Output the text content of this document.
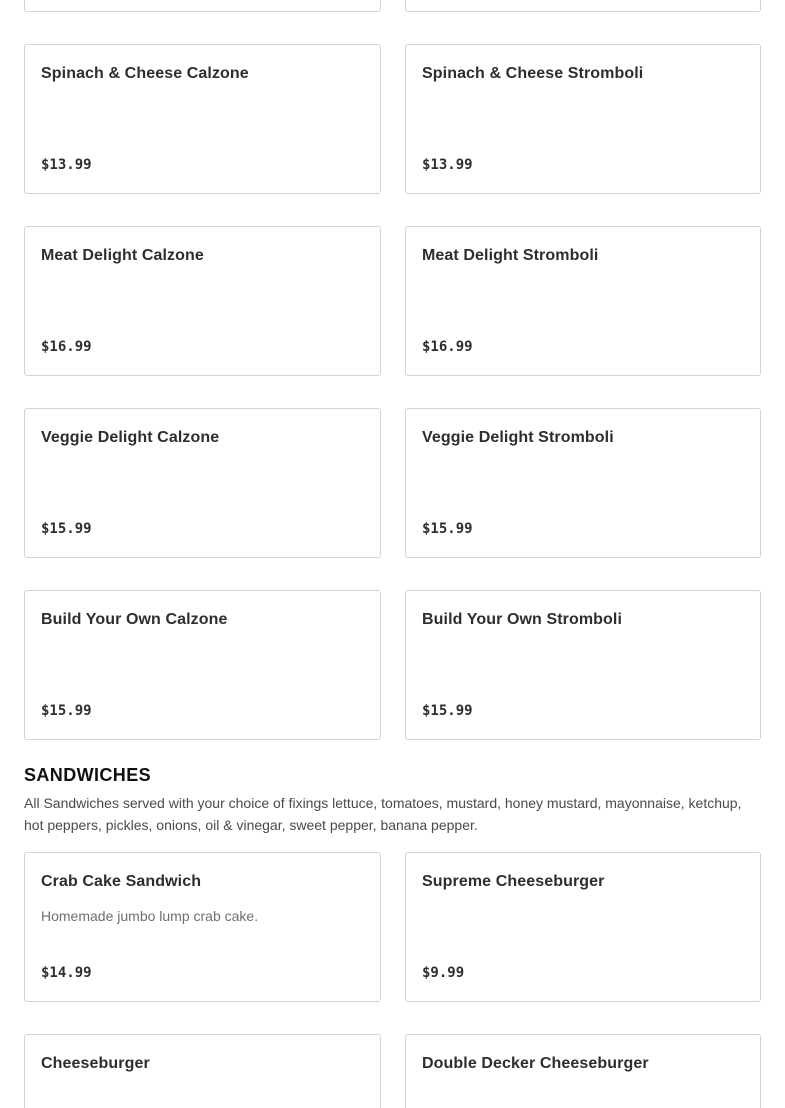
Spinach & Cheese Calzone
$13.99
Spinach & Cheese Stromboli
$13.99
Meat Delight Calzone
$16.99
Meat Delight Stromboli
$16.99
Veggie Delight Calzone
$15.99
Veggie Delight Stromboli
$15.99
Build Your Own Calzone
$15.99
Build Your Own Stromboli
$15.99
SANDWICHES

All Sandwiches served with your choice of fixings lettuce, tomatoes, mustard, honey mustard, mayonnaise, ketchup, hot peppers, pickles, onions, oil & vinegar, sweet pepper, banana pepper.

Crab Cake Sandwich
Homemade jumbo lump crab cake.
$14.99
Supreme Cheeseburger
$9.99
Cheeseburger	Double Decker Cheeseburger
